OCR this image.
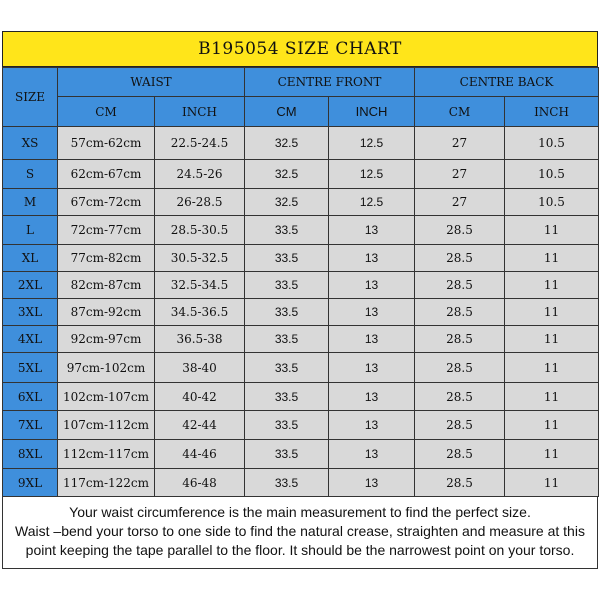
B195054 SIZE CHART
SIZE	WAIST		CENTRE FRONT		CENTRE BACK	
	CM	INCH	CM	INCH	CM	INCH
XS	57cm-62cm	22.5-24.5	32.5	12.5	27	10.5
S	62cm-67cm	24.5-26	32.5	12.5	27	10.5
M	67cm-72cm	26-28.5	32.5	12.5	27	10.5
L	72cm-77cm	28.5-30.5	33.5	13	28.5	11
XL	77cm-82cm	30.5-32.5	33.5	13	28.5	11
2XL	82cm-87cm	32.5-34.5	33.5	13	28.5	11
3XL	87cm-92cm	34.5-36.5	33.5	13	28.5	11
4XL	92cm-97cm	36.5-38	33.5	13	28.5	11
5XL	97cm-102cm	38-40	33.5	13	28.5	11
6XL	102cm-107cm	40-42	33.5	13	28.5	11
7XL	107cm-112cm	42-44	33.5	13	28.5	11
8XL	112cm-117cm	44-46	33.5	13	28.5	11
9XL	117cm-122cm	46-48	33.5	13	28.5	11
Your waist circumference is the main measurement to find the perfect size.
Waist –bend your torso to one side to find the natural crease, straighten and measure at this
point keeping the tape parallel to the floor. It should be the narrowest point on your torso.
